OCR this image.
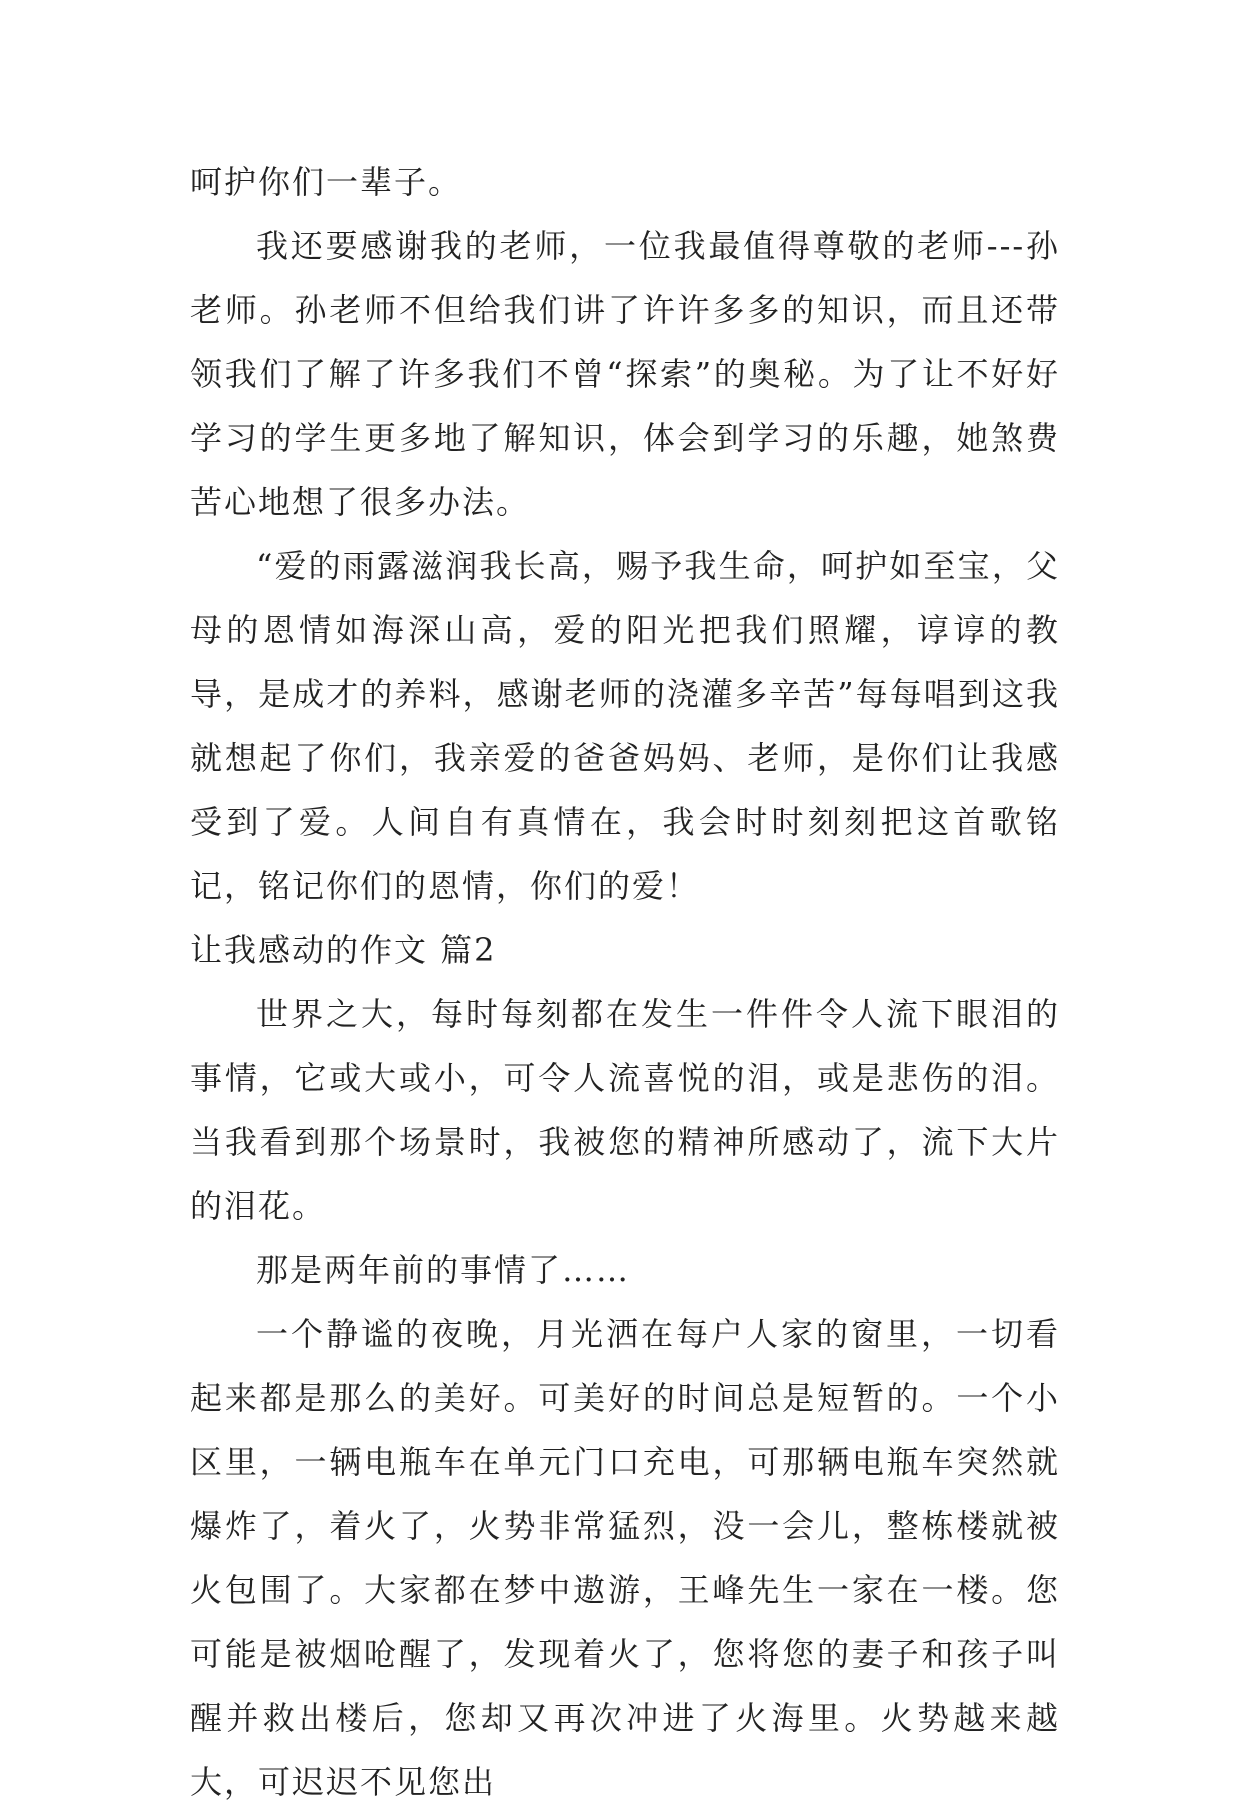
呵护你们一辈子。

我还要感谢我的老师，一位我最值得尊敬的老师---孙老师。孙老师不但给我们讲了许许多多的知识，而且还带领我们了解了许多我们不曾“探索”的奥秘。为了让不好好学习的学生更多地了解知识，体会到学习的乐趣，她煞费苦心地想了很多办法。

“爱的雨露滋润我长高，赐予我生命，呵护如至宝，父母的恩情如海深山高，爱的阳光把我们照耀，谆谆的教导，是成才的养料，感谢老师的浇灌多辛苦”每每唱到这我就想起了你们，我亲爱的爸爸妈妈、老师，是你们让我感受到了爱。人间自有真情在，我会时时刻刻把这首歌铭记，铭记你们的恩情，你们的爱！

让我感动的作文 篇2

世界之大，每时每刻都在发生一件件令人流下眼泪的事情，它或大或小，可令人流喜悦的泪，或是悲伤的泪。当我看到那个场景时，我被您的精神所感动了，流下大片的泪花。

那是两年前的事情了……

一个静谧的夜晚，月光洒在每户人家的窗里，一切看起来都是那么的美好。可美好的时间总是短暂的。一个小区里，一辆电瓶车在单元门口充电，可那辆电瓶车突然就爆炸了，着火了，火势非常猛烈，没一会儿，整栋楼就被火包围了。大家都在梦中遨游，王峰先生一家在一楼。您可能是被烟呛醒了，发现着火了，您将您的妻子和孩子叫醒并救出楼后，您却又再次冲进了火海里。火势越来越大，可迟迟不见您出
